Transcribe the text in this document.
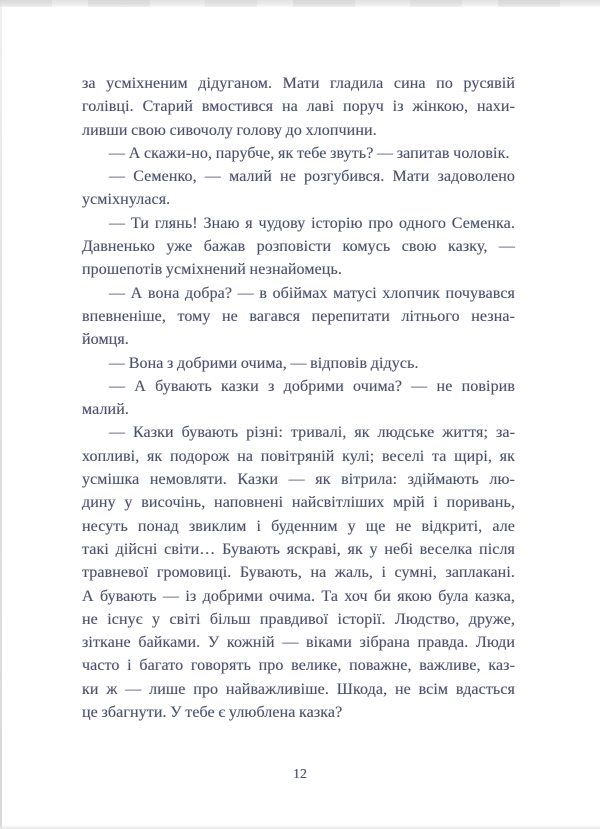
за усміхненим дідуганом. Мати гладила сина по русявій
голівці. Старий вмостився на лаві поруч із жінкою, нахи-
ливши свою сивочолу голову до хлопчини.
— А скажи-но, парубче, як тебе звуть? — запитав чоловік.
— Семенко, — малий не розгубився. Мати задоволено
усміхнулася.
— Ти глянь! Знаю я чудову історію про одного Семенка.
Давненько уже бажав розповісти комусь свою казку, —
прошепотів усміхнений незнайомець.
— А вона добра? — в обіймах матусі хлопчик почувався
впевненіше, тому не вагався перепитати літнього незна-
йомця.
— Вона з добрими очима, — відповів дідусь.
— А бувають казки з добрими очима? — не повірив
малий.
— Казки бувають різні: тривалі, як людське життя; за-
хопливі, як подорож на повітряній кулі; веселі та щирі, як
усмішка немовляти. Казки — як вітрила: здіймають лю-
дину у височінь, наповнені найсвітліших мрій і поривань,
несуть понад звиклим і буденним у ще не відкриті, але
такі дійсні світи… Бувають яскраві, як у небі веселка після
травневої громовиці. Бувають, на жаль, і сумні, заплакані.
А бувають — із добрими очима. Та хоч би якою була казка,
не існує у світі більш правдивої історії. Людство, друже,
зіткане байками. У кожній — віками зібрана правда. Люди
часто і багато говорять про велике, поважне, важливе, каз-
ки ж — лише про найважливіше. Шкода, не всім вдасться
це збагнути. У тебе є улюблена казка?
12
